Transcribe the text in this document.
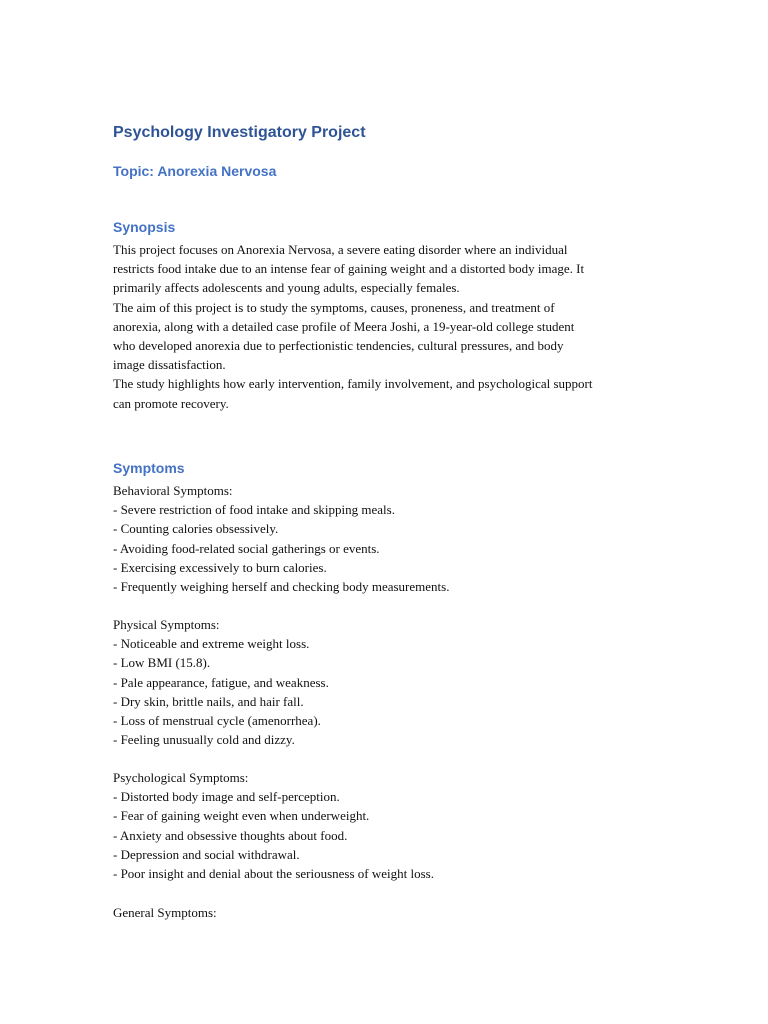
Psychology Investigatory Project
Topic: Anorexia Nervosa
Synopsis
This project focuses on Anorexia Nervosa, a severe eating disorder where an individual
restricts food intake due to an intense fear of gaining weight and a distorted body image. It
primarily affects adolescents and young adults, especially females.
The aim of this project is to study the symptoms, causes, proneness, and treatment of
anorexia, along with a detailed case profile of Meera Joshi, a 19-year-old college student
who developed anorexia due to perfectionistic tendencies, cultural pressures, and body
image dissatisfaction.
The study highlights how early intervention, family involvement, and psychological support
can promote recovery.
Symptoms
Behavioral Symptoms:
- Severe restriction of food intake and skipping meals.
- Counting calories obsessively.
- Avoiding food-related social gatherings or events.
- Exercising excessively to burn calories.
- Frequently weighing herself and checking body measurements.
Physical Symptoms:
- Noticeable and extreme weight loss.
- Low BMI (15.8).
- Pale appearance, fatigue, and weakness.
- Dry skin, brittle nails, and hair fall.
- Loss of menstrual cycle (amenorrhea).
- Feeling unusually cold and dizzy.
Psychological Symptoms:
- Distorted body image and self-perception.
- Fear of gaining weight even when underweight.
- Anxiety and obsessive thoughts about food.
- Depression and social withdrawal.
- Poor insight and denial about the seriousness of weight loss.
General Symptoms:
